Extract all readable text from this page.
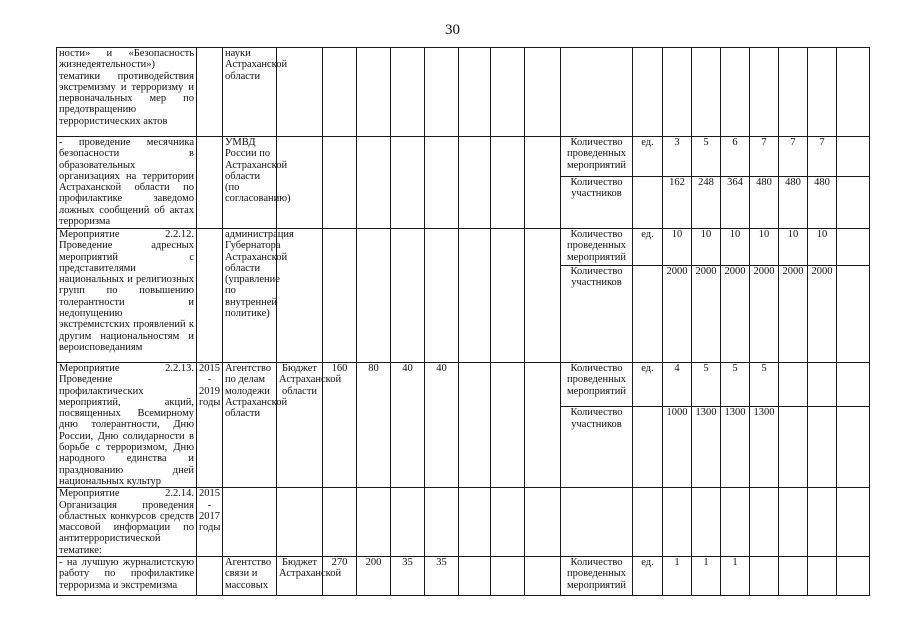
30
ности» и «Безопасность жизнедеятельности») тематики противодействия экстремизму и терроризму и первоначальных мер по предотвращению террористических актов		науки Астраханской области																	
- проведение месячника безопасности в образовательных организациях на территории Астраханской области по профилактике заведомо ложных сообщений об актах терроризма		УМВД России по Астраханской области (по согласованию)									Количество проведенных мероприятий	ед.	3	5	6	7	7	7	
											Количество участников		162	248	364	480	480	480	
Мероприятие 2.2.12. Проведение адресных мероприятий с представителями национальных и религиозных групп по повышению толерантности и недопущению экстремистских проявлений к другим национальностям и вероисповеданиям		администрация Губернатора Астраханской области (управление по внутренней политике)									Количество проведенных мероприятий	ед.	10	10	10	10	10	10	
											Количество участников		2000	2000	2000	2000	2000	2000	
Мероприятие 2.2.13. Проведение профилактических мероприятий, акций, посвященных Всемирному дню толерантности, Дню России, Дню солидарности в борьбе с терроризмом, Дню народного единства и празднованию дней национальных культур	2015 - 2019 годы	Агентство по делам молодежи Астраханской области	Бюджет Астраханской области	160	80	40	40				Количество проведенных мероприятий	ед.	4	5	5	5			
											Количество участников		1000	1300	1300	1300			
Мероприятие 2.2.14. Организация проведения областных конкурсов средств массовой информации по антитеррористической тематике:	2015 - 2017 годы																		
- на лучшую журналистскую работу по профилактике терроризма и экстремизма		Агентство связи и массовых	Бюджет Астраханской	270	200	35	35				Количество проведенных мероприятий	ед.	1	1	1				
